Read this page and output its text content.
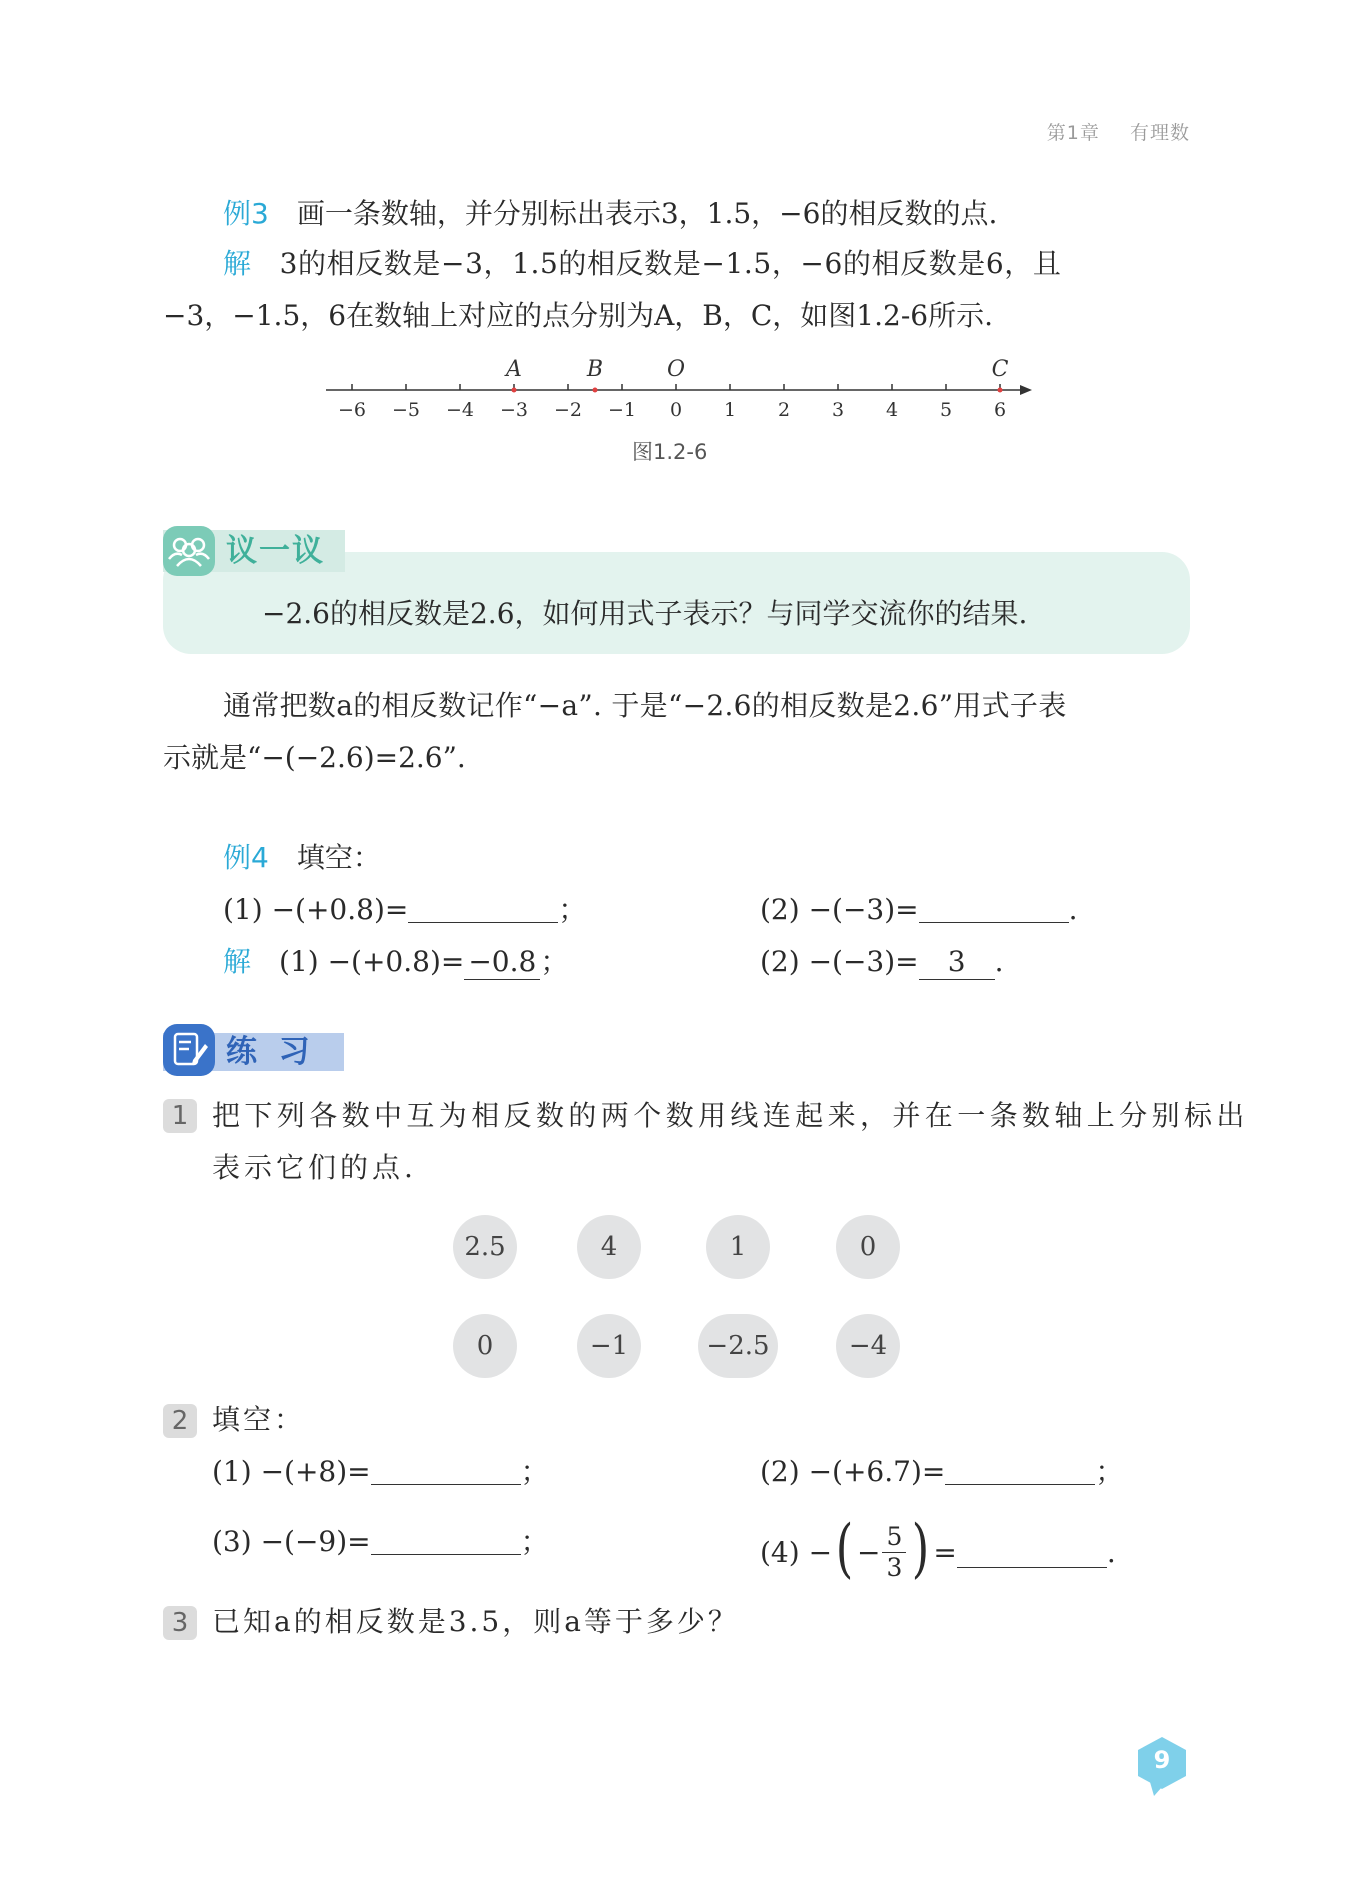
第1章 有理数
例3 画一条数轴，并分别标出表示3，1.5，−6的相反数的点.
解 3的相反数是−3，1.5的相反数是−1.5，−6的相反数是6，且
−3，−1.5，6在数轴上对应的点分别为A，B，C，如图1.2-6所示.
−6 −5 −4 −3 −2 −1 0 1 2 3 4 5 6
A	B	O	C
图1.2-6
议一议
−2.6的相反数是2.6，如何用式子表示？与同学交流你的结果.
通常把数a的相反数记作“−a”. 于是“−2.6的相反数是2.6”用式子表
示就是“−(−2.6)=2.6”.
例4 填空：
(1) −(+0.8)=	；	(2) −(−3)=	.
解 (1) −(+0.8)= −0.8 ；	(2) −(−3)= 3 .
练  习
1 把下列各数中互为相反数的两个数用线连起来，并在一条数轴上分别标出
表示它们的点.
2.5	4	1	0
0	−1	−2.5	−4
2 填空：
(1) −(+8)=	；	(2) −(+6.7)=	；
(3) −(−9)=	；	(4) − ( − $\frac{5}{3}$ ) =	.
3 已知a的相反数是3.5，则a等于多少？
9
